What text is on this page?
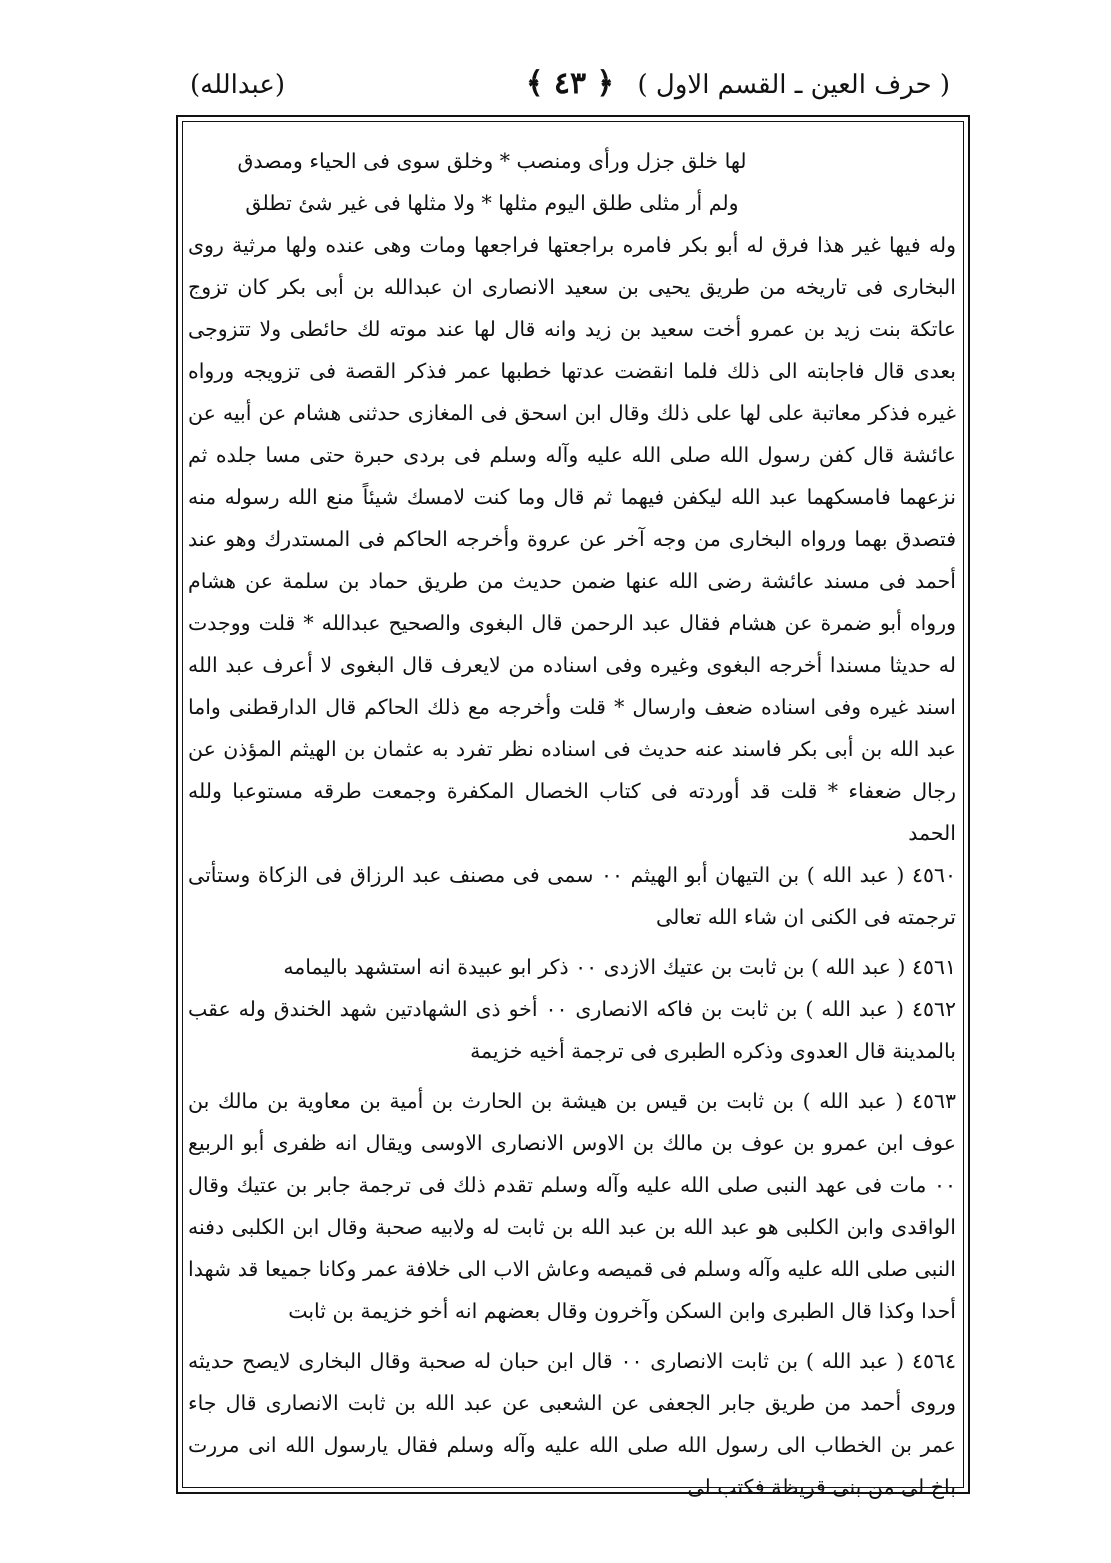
( حرف العين ـ القسم الاول )
﴿ ٤٣ ﴾
(عبدالله)

لها خلق جزل ورأى ومنصب * وخلق سوى فى الحياء ومصدق

ولم أر مثلى طلق اليوم مثلها * ولا مثلها فى غير شئ تطلق

وله فيها غير هذا فرق له أبو بكر فامره براجعتها فراجعها ومات وهى عنده ولها مرثية روى البخارى فى تاريخه من طريق يحيى بن سعيد الانصارى ان عبدالله بن أبى بكر كان تزوج عاتكة بنت زيد بن عمرو أخت سعيد بن زيد وانه قال لها عند موته لك حائطى ولا تتزوجى بعدى قال فاجابته الى ذلك فلما انقضت عدتها خطبها عمر فذكر القصة فى تزويجه ورواه غيره فذكر معاتبة على لها على ذلك وقال ابن اسحق فى المغازى حدثنى هشام عن أبيه عن عائشة قال كفن رسول الله صلى الله عليه وآله وسلم فى بردى حبرة حتى مسا جلده ثم نزعهما فامسكهما عبد الله ليكفن فيهما ثم قال وما كنت لامسك شيئاً منع الله رسوله منه فتصدق بهما ورواه البخارى من وجه آخر عن عروة وأخرجه الحاكم فى المستدرك وهو عند أحمد فى مسند عائشة رضى الله عنها ضمن حديث من طريق حماد بن سلمة عن هشام ورواه أبو ضمرة عن هشام فقال عبد الرحمن قال البغوى والصحيح عبدالله * قلت ووجدت له حديثا مسندا أخرجه البغوى وغيره وفى اسناده من لايعرف قال البغوى لا أعرف عبد الله اسند غيره وفى اسناده ضعف وارسال * قلت وأخرجه مع ذلك الحاكم قال الدارقطنى واما عبد الله بن أبى بكر فاسند عنه حديث فى اسناده نظر تفرد به عثمان بن الهيثم المؤذن عن رجال ضعفاء * قلت قد أوردته فى كتاب الخصال المكفرة وجمعت طرقه مستوعبا ولله الحمد

٤٥٦٠ ( عبد الله ) بن التيهان أبو الهيثم ٠٠ سمى فى مصنف عبد الرزاق فى الزكاة وستأتى ترجمته فى الكنى ان شاء الله تعالى

٤٥٦١ ( عبد الله ) بن ثابت بن عتيك الازدى ٠٠ ذكر ابو عبيدة انه استشهد باليمامه

٤٥٦٢ ( عبد الله ) بن ثابت بن فاكه الانصارى ٠٠ أخو ذى الشهادتين شهد الخندق وله عقب بالمدينة قال العدوى وذكره الطبرى فى ترجمة أخيه خزيمة

٤٥٦٣ ( عبد الله ) بن ثابت بن قيس بن هيشة بن الحارث بن أمية بن معاوية بن مالك بن عوف ابن عمرو بن عوف بن مالك بن الاوس الانصارى الاوسى ويقال انه ظفرى أبو الربيع ٠٠ مات فى عهد النبى صلى الله عليه وآله وسلم تقدم ذلك فى ترجمة جابر بن عتيك وقال الواقدى وابن الكلبى هو عبد الله بن عبد الله بن ثابت له ولابيه صحبة وقال ابن الكلبى دفنه النبى صلى الله عليه وآله وسلم فى قميصه وعاش الاب الى خلافة عمر وكانا جميعا قد شهدا أحدا وكذا قال الطبرى وابن السكن وآخرون وقال بعضهم انه أخو خزيمة بن ثابت

٤٥٦٤ ( عبد الله ) بن ثابت الانصارى ٠٠ قال ابن حبان له صحبة وقال البخارى لايصح حديثه وروى أحمد من طريق جابر الجعفى عن الشعبى عن عبد الله بن ثابت الانصارى قال جاء عمر بن الخطاب الى رسول الله صلى الله عليه وآله وسلم فقال يارسول الله انى مررت باخ لى من بنى قريظة فكتب لى
